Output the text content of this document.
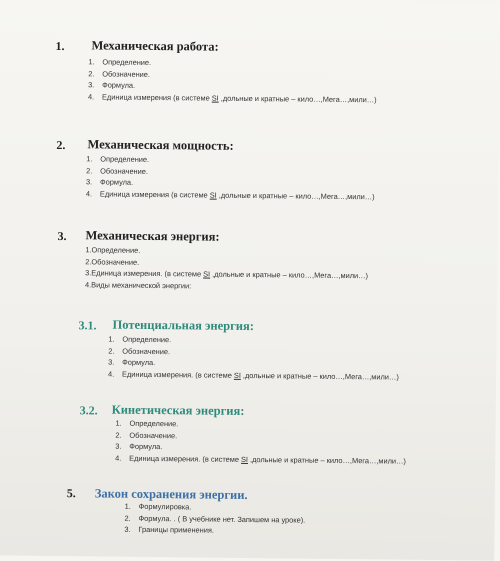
1. Механическая работа:
1. Определение.
2. Обозначение.
3. Формула.
4. Единица измерения (в системе SI ,дольные и кратные – кило…,Мега…,мили…)
2. Механическая мощность:
1. Определение.
2. Обозначение.
3. Формула.
4. Единица измерения (в системе SI ,дольные и кратные – кило…,Мега…,мили…)
3. Механическая энергия:
1.Определение.
2.Обозначение.
3.Единица измерения. (в системе SI ,дольные и кратные – кило…,Мега…,мили…)
4.Виды механической энергии:
3.1. Потенциальная энергия:
1. Определение.
2. Обозначение.
3. Формула.
4. Единица измерения. (в системе SI ,дольные и кратные – кило…,Мега…,мили…)
3.2. Кинетическая энергия:
1. Определение.
2. Обозначение.
3. Формула.
4. Единица измерения. (в системе SI ,дольные и кратные – кило…,Мега…,мили…)
5. Закон сохранения энергии.
1. Формулировка.
2. Формула. . ( В учебнике нет. Запишем на уроке).
3. Границы применения.
